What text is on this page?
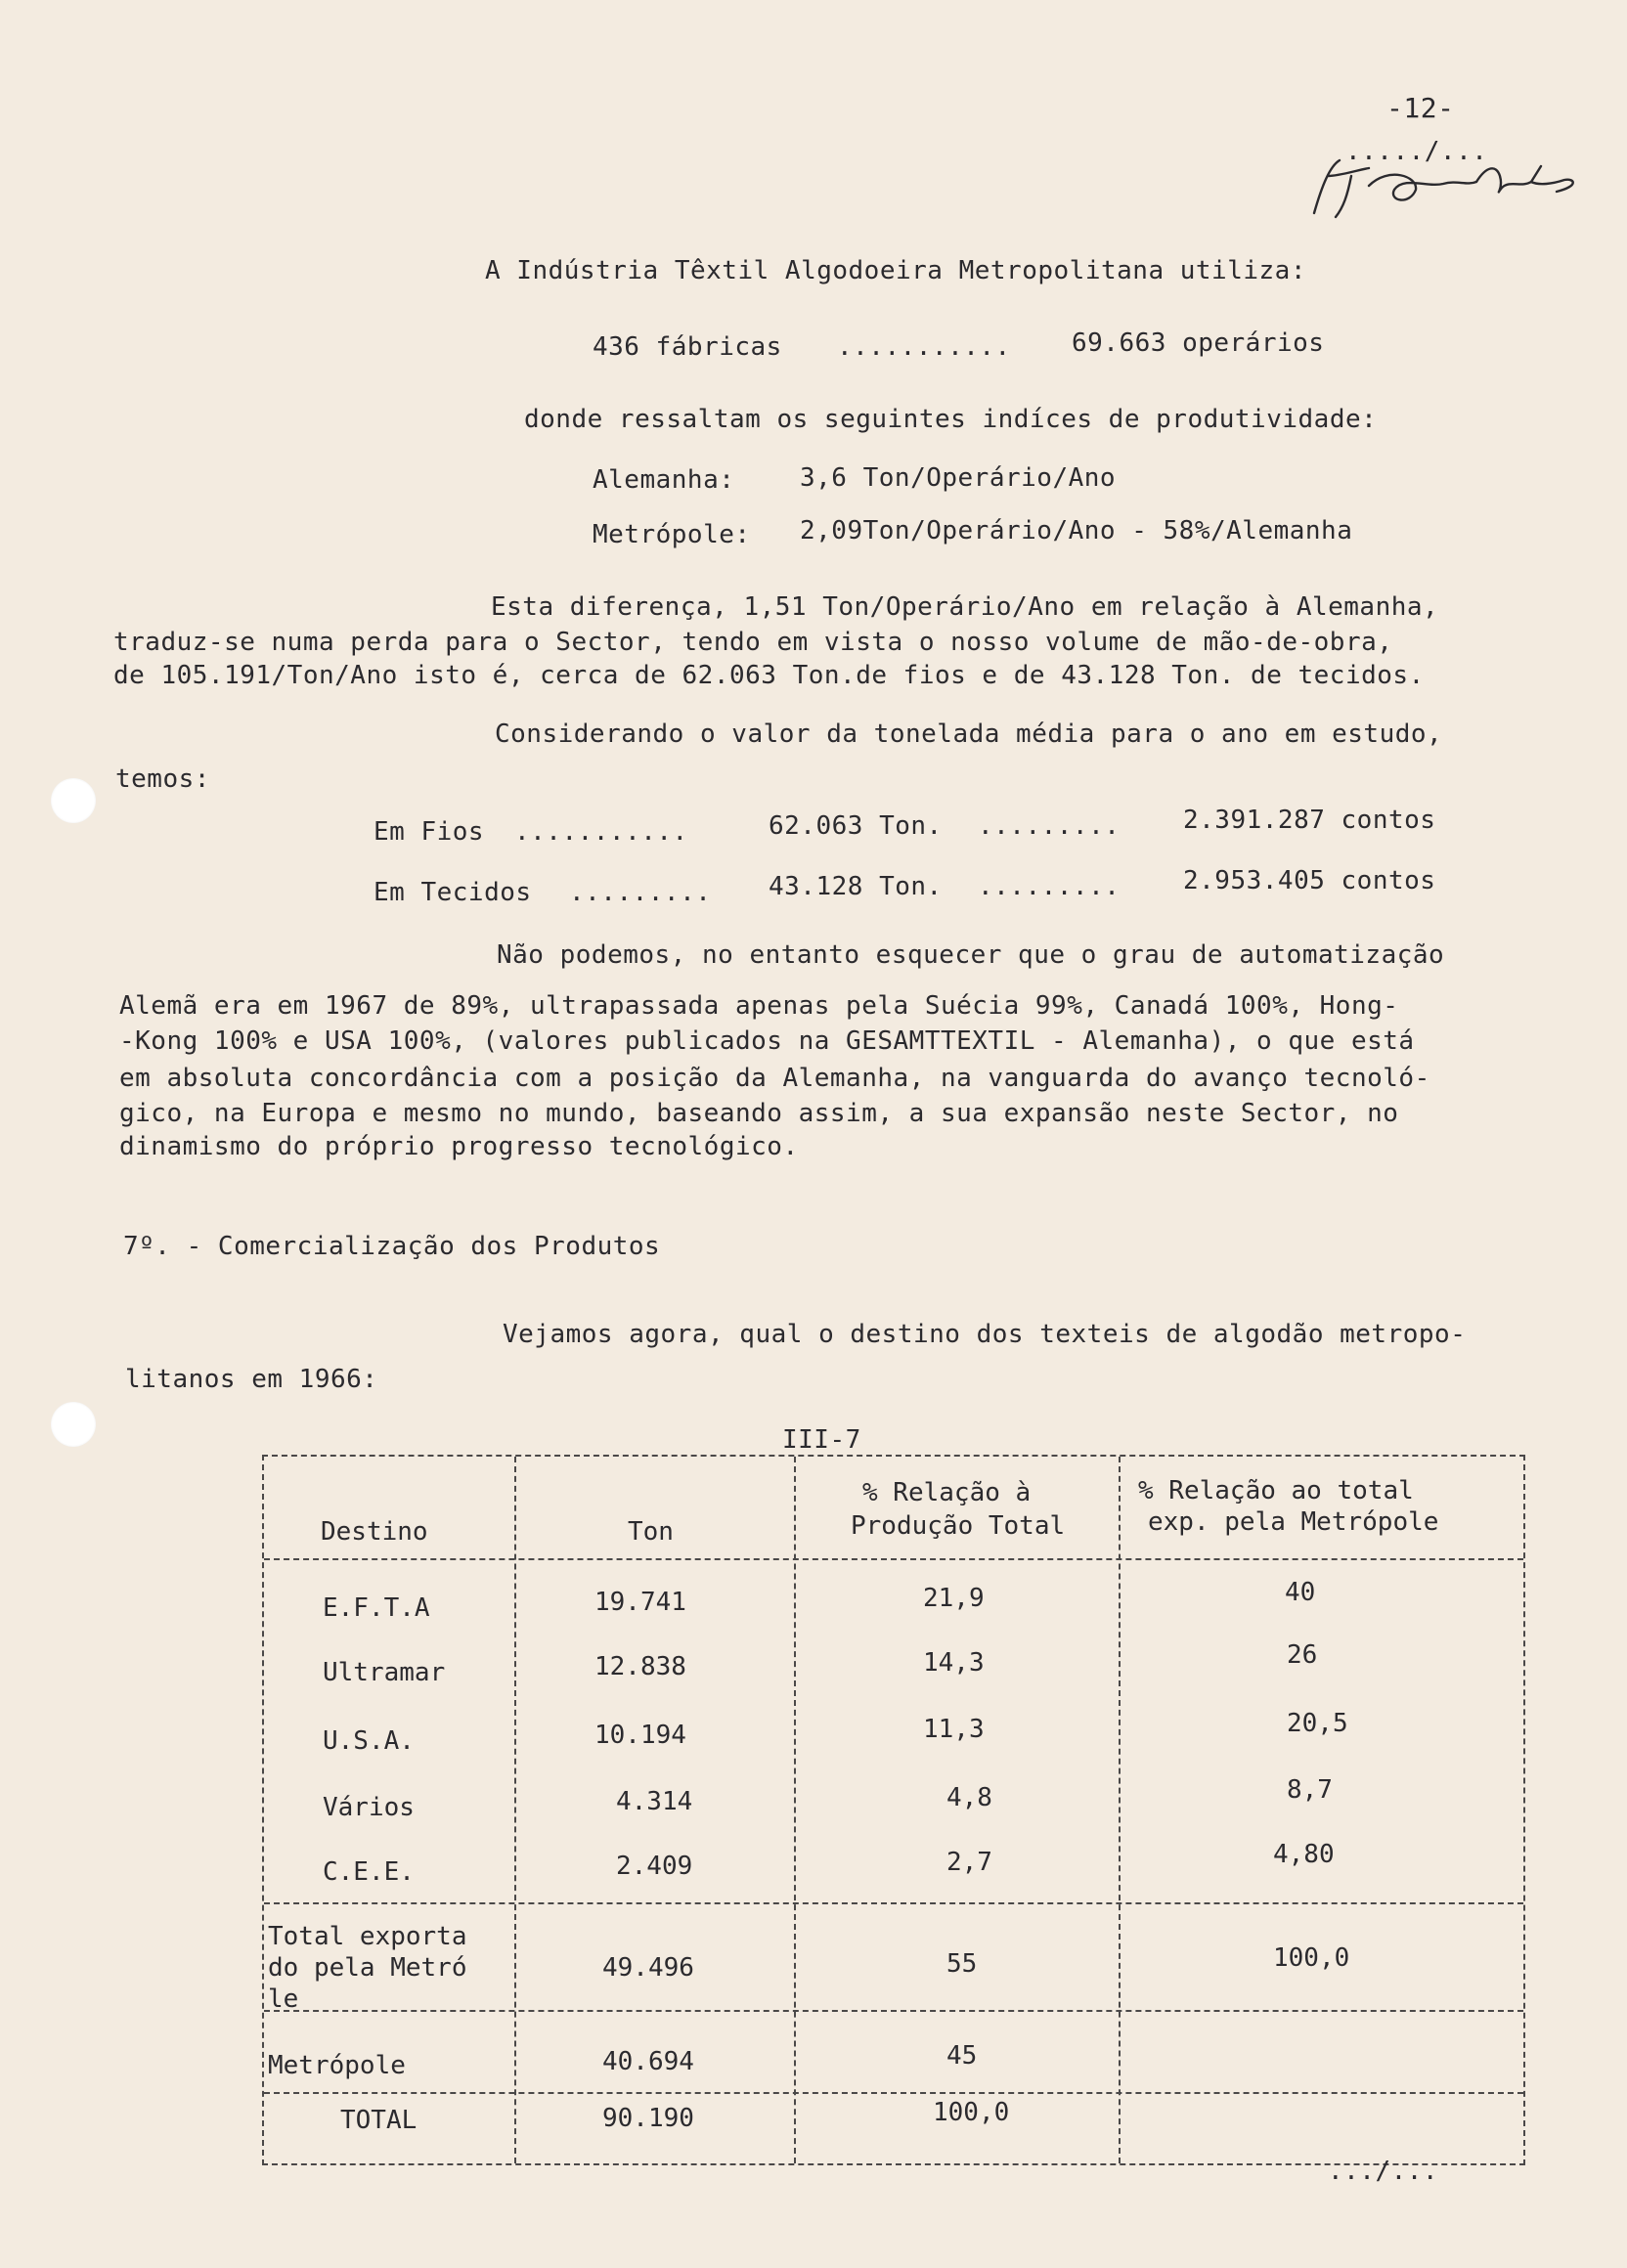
-12-
...../...
A Indústria Têxtil Algodoeira Metropolitana utiliza:
436 fábricas ........... 69.663 operários
donde ressaltam os seguintes indíces de produtividade:
Alemanha:	3,6 Ton/Operário/Ano
Metrópole: 2,09Ton/Operário/Ano - 58%/Alemanha
Esta diferença, 1,51 Ton/Operário/Ano em relação à Alemanha,
traduz-se numa perda para o Sector, tendo em vista o nosso volume de mão-de-obra,
de 105.191/Ton/Ano isto é, cerca de 62.063 Ton.de fios e de 43.128 Ton. de tecidos.
Considerando o valor da tonelada média para o ano em estudo,
temos:
Em Fios ...........	62.063 Ton. ......... 2.391.287 contos
Em Tecidos ......... 43.128 Ton. ......... 2.953.405 contos
Não podemos, no entanto esquecer que o grau de automatização
Alemã era em 1967 de 89%, ultrapassada apenas pela Suécia 99%, Canadá 100%, Hong-
-Kong 100% e USA 100%, (valores publicados na GESAMTTEXTIL - Alemanha), o que está
em absoluta concordância com a posição da Alemanha, na vanguarda do avanço tecnoló-
gico, na Europa e mesmo no mundo, baseando assim, a sua expansão neste Sector, no
dinamismo do próprio progresso tecnológico.
7º. - Comercialização dos Produtos
Vejamos agora, qual o destino dos texteis de algodão metropo-
litanos em 1966:
III-7
Destino	Ton
% Relação à
Produção Total
% Relação ao total
exp. pela Metrópole
E.F.T.A	19.741	21,9	40
Ultramar	12.838	14,3	26
U.S.A.	10.194	11,3	20,5
Vários	4.314	4,8	8,7
C.E.E.	2.409	2,7	4,80
Total exporta
do pela Metró
le
49.496	55	100,0
Metrópole	40.694	45
TOTAL	90.190	100,0
.../...
